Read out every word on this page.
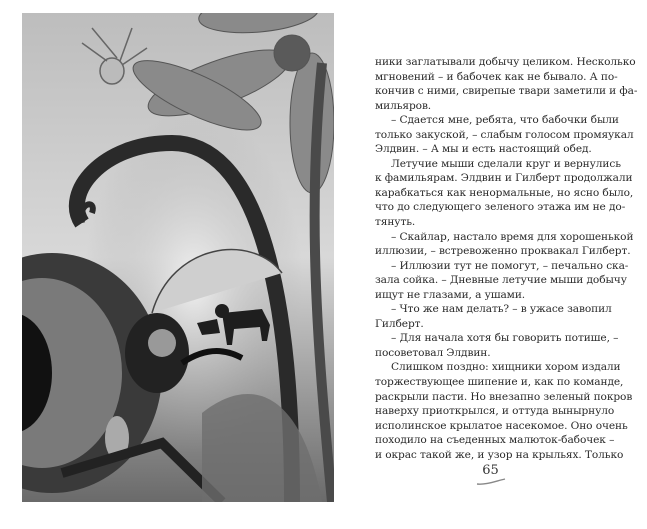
ники заглатывали добычу целиком. Несколько
мгновений – и бабочек как не бывало. А по-
кончив с ними, свирепые твари заметили и фа-
мильяров.
– Сдается мне, ребята, что бабочки были
только закуской, – слабым голосом промяукал
Элдвин. – А мы и есть настоящий обед.
Летучие мыши сделали круг и вернулись
к фамильярам. Элдвин и Гилберт продолжали
карабкаться как ненормальные, но ясно было,
что до следующего зеленого этажа им не до-
тянуть.
– Скайлар, настало время для хорошенькой
иллюзии, – встревоженно проквакал Гилберт.
– Иллюзии тут не помогут, – печально ска-
зала сойка. – Дневные летучие мыши добычу
ищут не глазами, а ушами.
– Что же нам делать? – в ужасе завопил
Гилберт.
– Для начала хотя бы говорить потише, –
посоветовал Элдвин.
Слишком поздно: хищники хором издали
торжествующее шипение и, как по команде,
раскрыли пасти. Но внезапно зеленый покров
наверху приоткрылся, и оттуда вынырнуло
исполинское крылатое насекомое. Оно очень
походило на съеденных малюток-бабочек –
и окрас такой же, и узор на крыльях. Только
65
